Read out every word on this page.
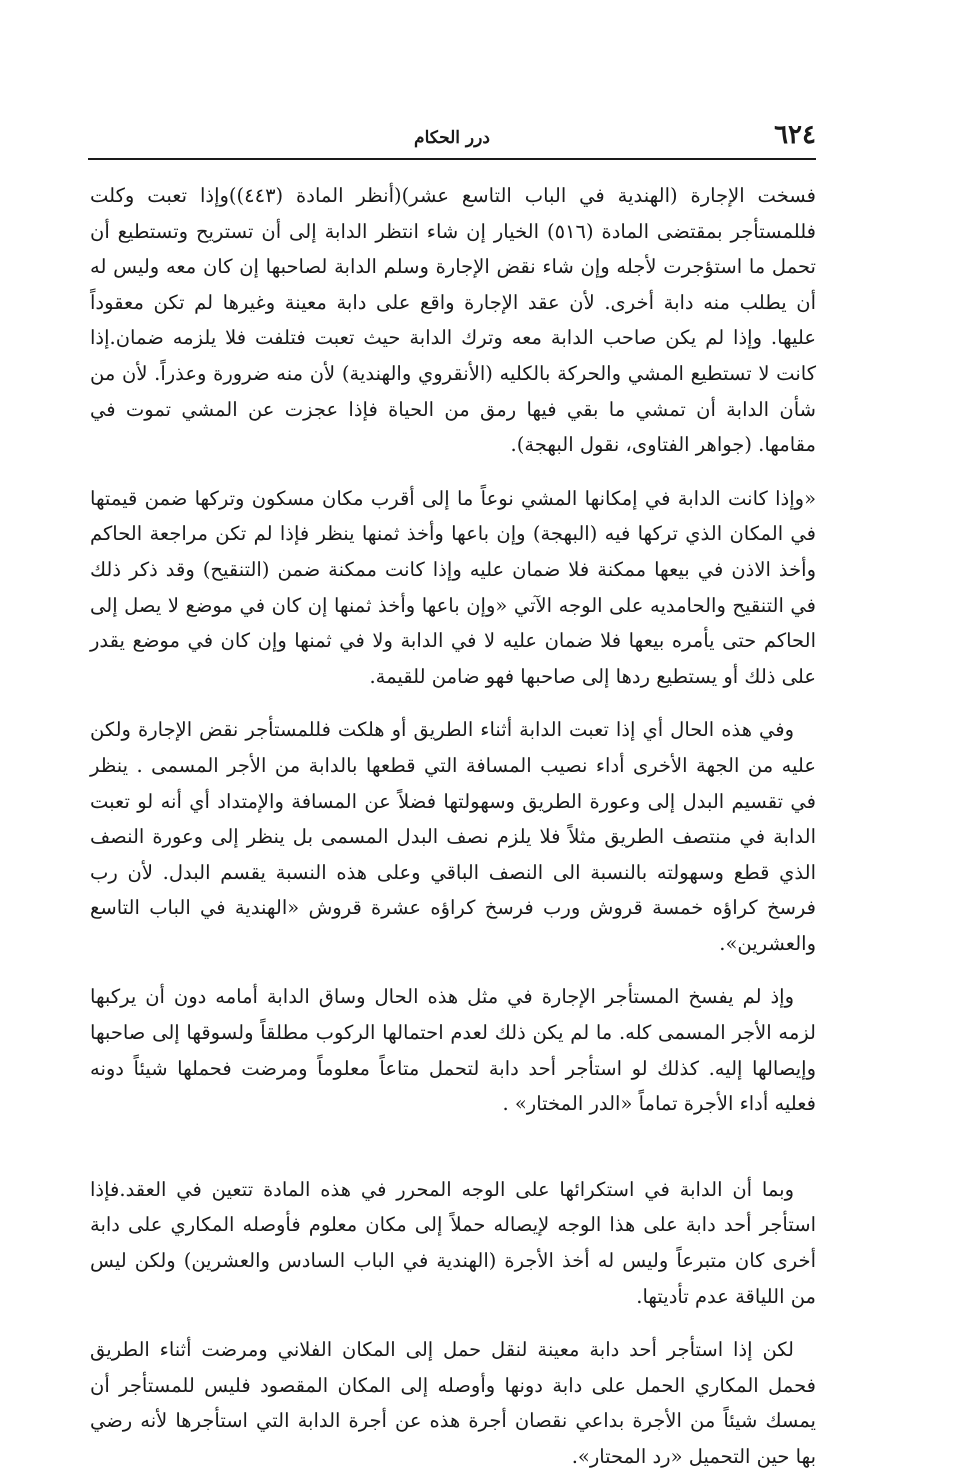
٦٢٤
درر الحكام

فسخت الإجارة (الهندية في الباب التاسع عشر)(أنظر المادة (٤٤٣))وإذا تعبت وكلت فللمستأجر بمقتضى المادة (٥١٦) الخيار إن شاء انتظر الدابة إلى أن تستريح وتستطيع أن تحمل ما استؤجرت لأجله وإن شاء نقض الإجارة وسلم الدابة لصاحبها إن كان معه وليس له أن يطلب منه دابة أخرى. لأن عقد الإجارة واقع على دابة معينة وغيرها لم تكن معقوداً عليها. وإذا لم يكن صاحب الدابة معه وترك الدابة حيث تعبت فتلفت فلا يلزمه ضمان.إذا كانت لا تستطيع المشي والحركة بالكليه (الأنقروي والهندية) لأن منه ضرورة وعذراً. لأن من شأن الدابة أن تمشي ما بقي فيها رمق من الحياة فإذا عجزت عن المشي تموت في مقامها. (جواهر الفتاوى، نقول البهجة).

«وإذا كانت الدابة في إمكانها المشي نوعاً ما إلى أقرب مكان مسكون وتركها ضمن قيمتها في المكان الذي تركها فيه (البهجة) وإن باعها وأخذ ثمنها ينظر فإذا لم تكن مراجعة الحاكم وأخذ الاذن في بيعها ممكنة فلا ضمان عليه وإذا كانت ممكنة ضمن (التنقيح) وقد ذكر ذلك في التنقيح والحامديه على الوجه الآتي «وإن باعها وأخذ ثمنها إن كان في موضع لا يصل إلى الحاكم حتى يأمره بيعها فلا ضمان عليه لا في الدابة ولا في ثمنها وإن كان في موضع يقدر على ذلك أو يستطيع ردها إلى صاحبها فهو ضامن للقيمة.

وفي هذه الحال أي إذا تعبت الدابة أثناء الطريق أو هلكت فللمستأجر نقض الإجارة ولكن عليه من الجهة الأخرى أداء نصيب المسافة التي قطعها بالدابة من الأجر المسمى . ينظر في تقسيم البدل إلى وعورة الطريق وسهولتها فضلاً عن المسافة والإمتداد أي أنه لو تعبت الدابة في منتصف الطريق مثلاً فلا يلزم نصف البدل المسمى بل ينظر إلى وعورة النصف الذي قطع وسهولته بالنسبة الى النصف الباقي وعلى هذه النسبة يقسم البدل. لأن رب فرسخ كراؤه خمسة قروش ورب فرسخ كراؤه عشرة قروش «الهندية في الباب التاسع والعشرين».

وإذ لم يفسخ المستأجر الإجارة في مثل هذه الحال وساق الدابة أمامه دون أن يركبها لزمه الأجر المسمى كله. ما لم يكن ذلك لعدم احتمالها الركوب مطلقاً ولسوقها إلى صاحبها وإيصالها إليه. كذلك لو استأجر أحد دابة لتحمل متاعاً معلوماً ومرضت فحملها شيئاً دونه فعليه أداء الأجرة تماماً «الدر المختار» .

وبما أن الدابة في استكرائها على الوجه المحرر في هذه المادة تتعين في العقد.فإذا استأجر أحد دابة على هذا الوجه لإيصاله حملاً إلى مكان معلوم فأوصله المكاري على دابة أخرى كان متبرعاً وليس له أخذ الأجرة (الهندية في الباب السادس والعشرين) ولكن ليس من اللياقة عدم تأديتها.

لكن إذا استأجر أحد دابة معينة لنقل حمل إلى المكان الفلاني ومرضت أثناء الطريق فحمل المكاري الحمل على دابة دونها وأوصله إلى المكان المقصود فليس للمستأجر أن يمسك شيئاً من الأجرة بداعي نقصان أجرة هذه عن أجرة الدابة التي استأجرها لأنه رضي بها حين التحميل «رد المحتار».
